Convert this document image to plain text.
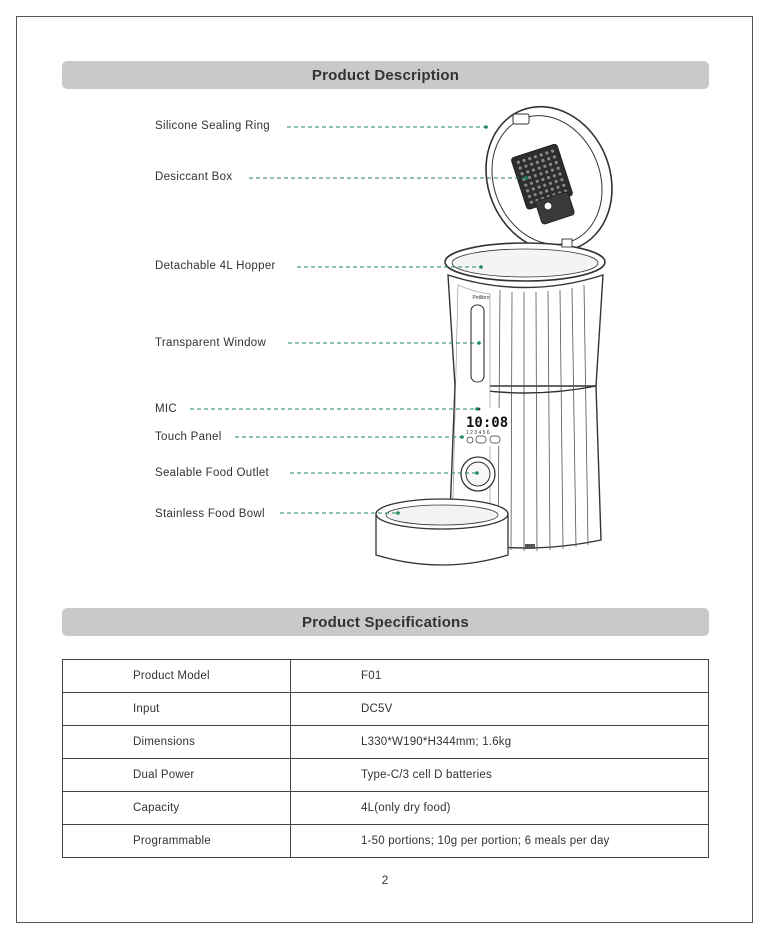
Product Description
Silicone Sealing Ring
Desiccant Box
Detachable 4L Hopper
Transparent Window
MIC
Touch Panel
Sealable Food Outlet
Stainless Food Bowl
Petlibro
10:08
1 2 3 4 5 6
Product Specifications
Product Model	F01
Input	DC5V
Dimensions	L330*W190*H344mm; 1.6kg
Dual Power	Type-C/3 cell D batteries
Capacity	4L(only dry food)
Programmable	1-50 portions; 10g per portion; 6 meals per day
2
